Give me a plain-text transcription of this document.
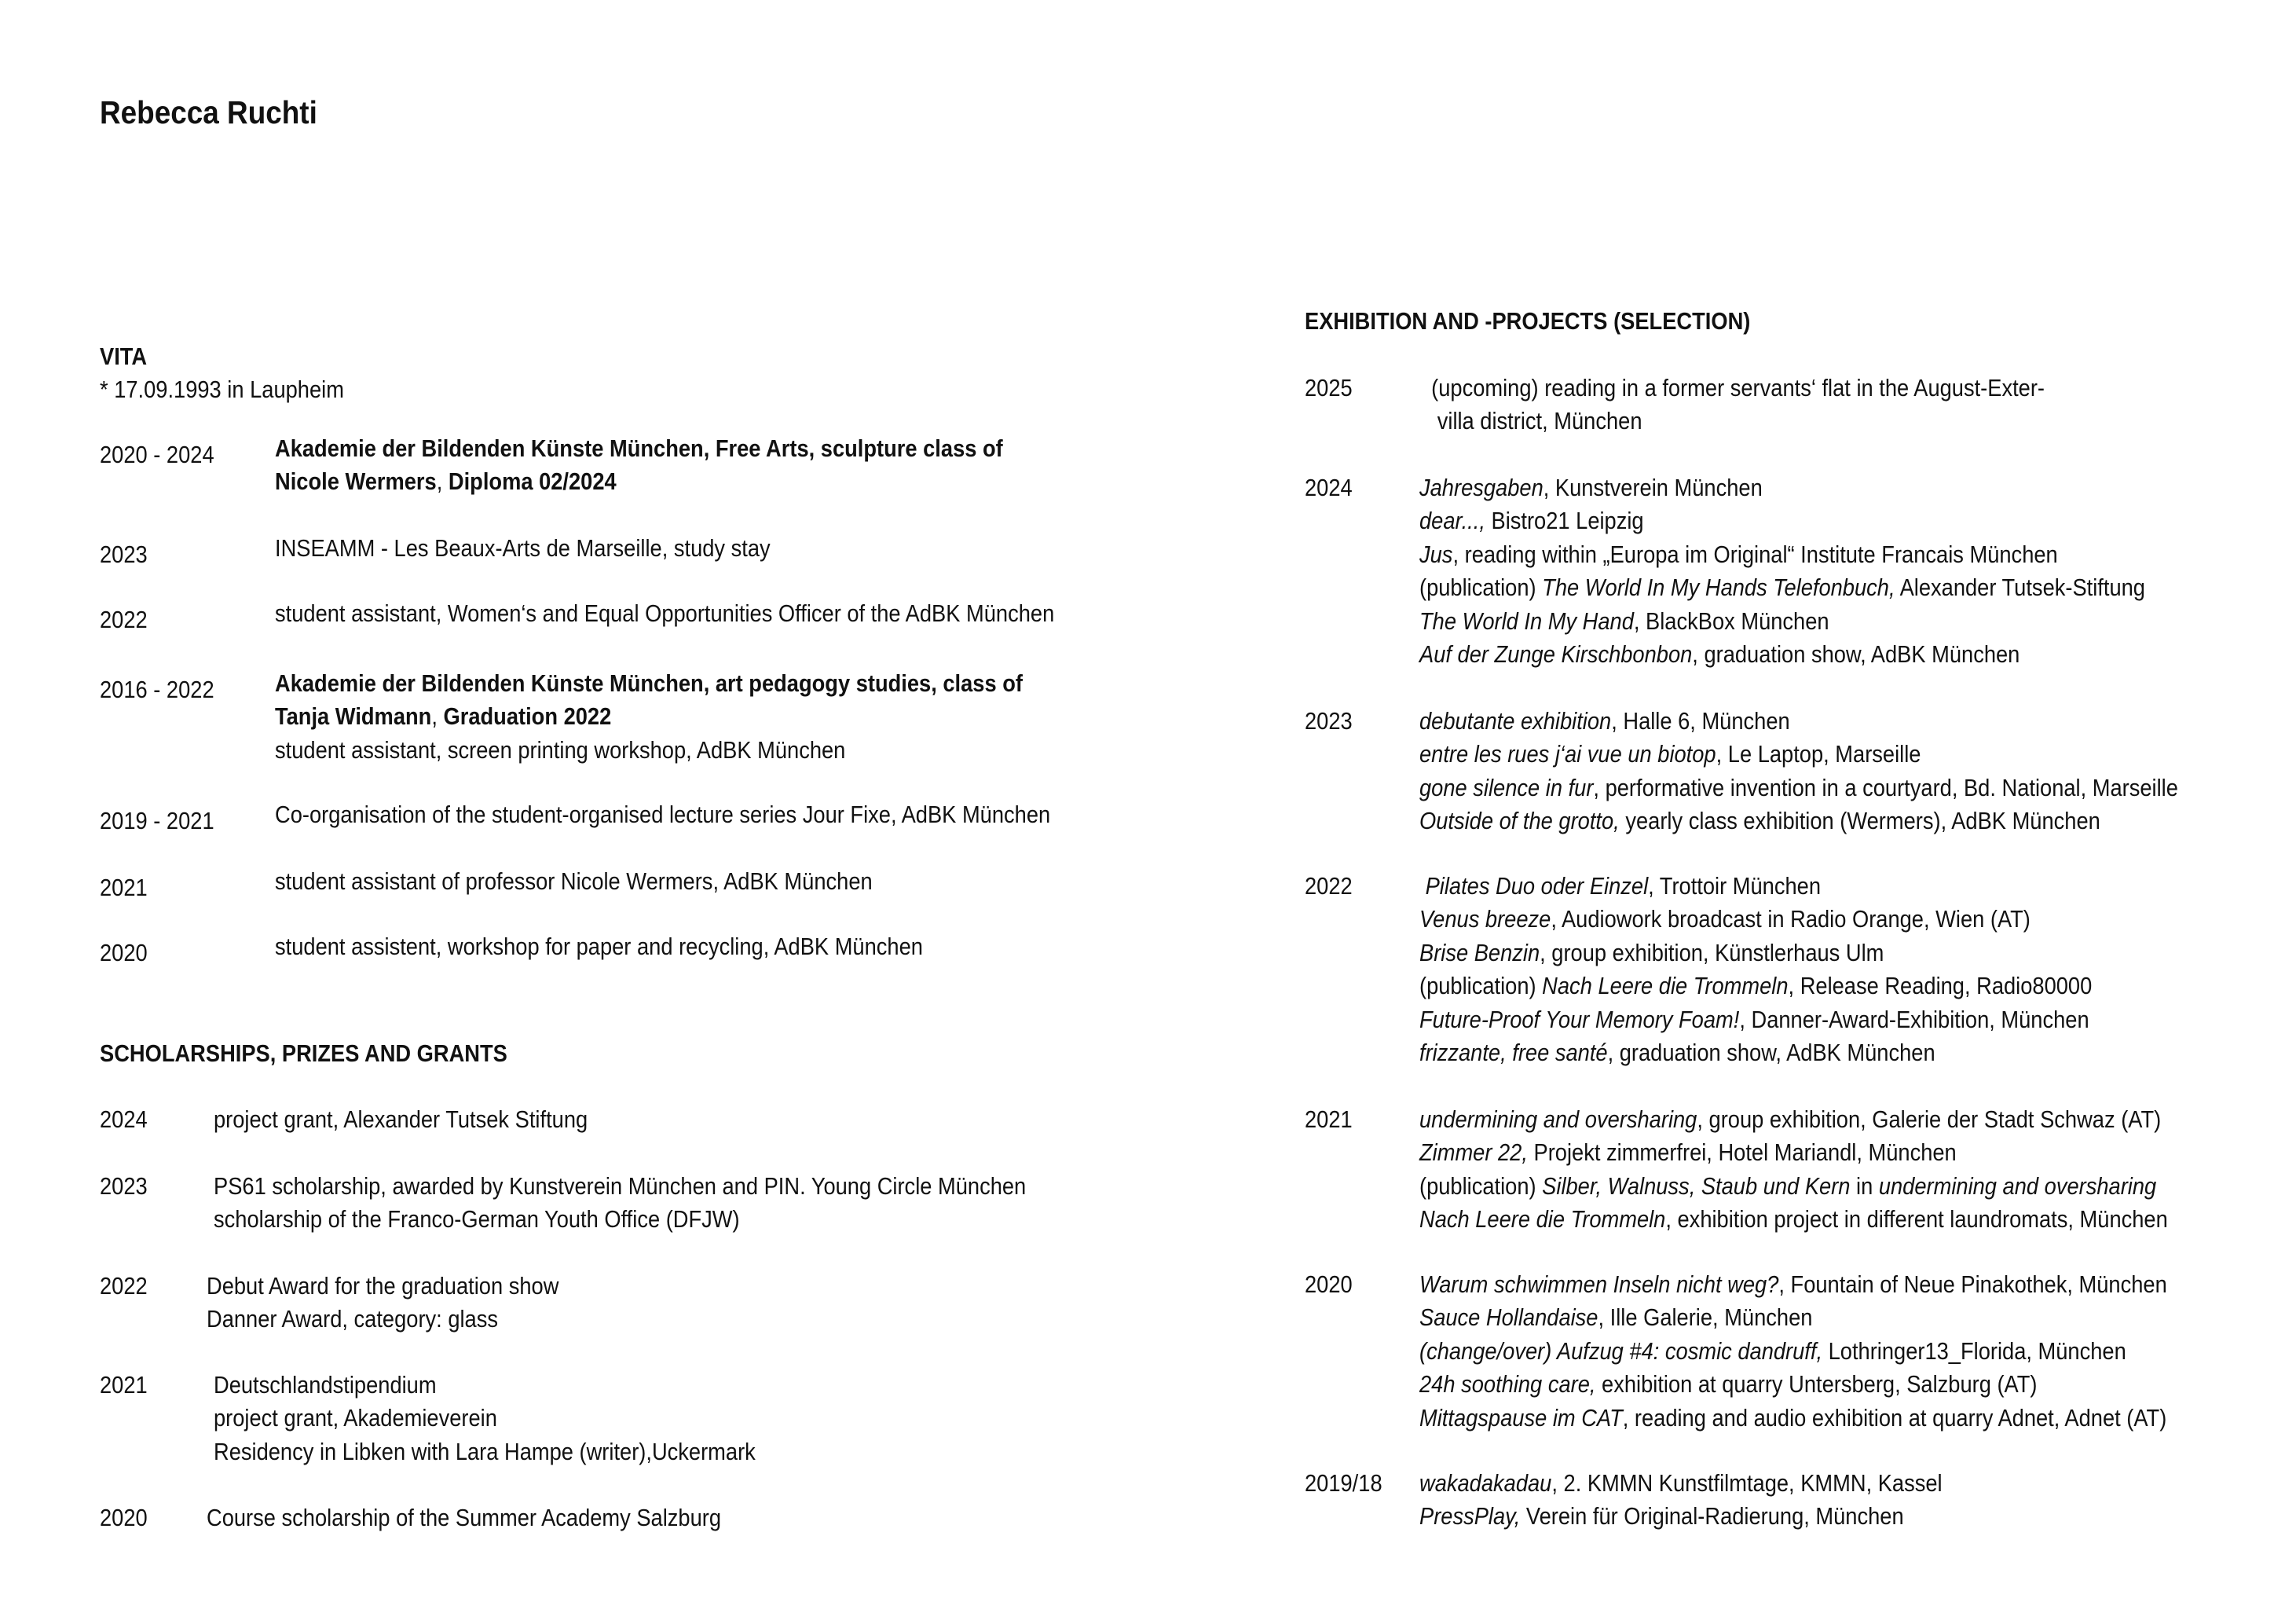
Rebecca Ruchti
VITA
* 17.09.1993 in Laupheim
2020 - 2024 Akademie der Bildenden Künste München, Free Arts, sculpture class of
Nicole Wermers, Diploma 02/2024
2023	INSEAMM - Les Beaux-Arts de Marseille, study stay
2022	student assistant, Women‘s and Equal Opportunities Officer of the AdBK München
2016 - 2022 Akademie der Bildenden Künste München, art pedagogy studies, class of
Tanja Widmann, Graduation 2022
student assistant, screen printing workshop, AdBK München
2019 - 2021 Co-organisation of the student-organised lecture series Jour Fixe, AdBK München
2021	student assistant of professor Nicole Wermers, AdBK München
2020	student assistent, workshop for paper and recycling, AdBK München
SCHOLARSHIPS, PRIZES AND GRANTS
2024	project grant, Alexander Tutsek Stiftung
2023	PS61 scholarship, awarded by Kunstverein München and PIN. Young Circle München
scholarship of the Franco-German Youth Office (DFJW)
2022 Debut Award for the graduation show
Danner Award, category: glass
2021	Deutschlandstipendium
project grant, Akademieverein
Residency in Libken with Lara Hampe (writer),Uckermark
2020 Course scholarship of the Summer Academy Salzburg
EXHIBITION AND -PROJECTS (SELECTION)
2025	(upcoming) reading in a former servants‘ flat in the August-Exter-
villa district, München
2024	Jahresgaben, Kunstverein München
dear..., Bistro21 Leipzig
Jus, reading within „Europa im Original“ Institute Francais München
(publication) The World In My Hands Telefonbuch, Alexander Tutsek-Stiftung
The World In My Hand, BlackBox München
Auf der Zunge Kirschbonbon, graduation show, AdBK München
2023	debutante exhibition, Halle 6, München
entre les rues j‘ai vue un biotop, Le Laptop, Marseille
gone silence in fur, performative invention in a courtyard, Bd. National, Marseille
Outside of the grotto, yearly class exhibition (Wermers), AdBK München
2022	Pilates Duo oder Einzel, Trottoir München
Venus breeze, Audiowork broadcast in Radio Orange, Wien (AT)
Brise Benzin, group exhibition, Künstlerhaus Ulm
(publication) Nach Leere die Trommeln, Release Reading, Radio80000
Future-Proof Your Memory Foam!, Danner-Award-Exhibition, München
frizzante, free santé, graduation show, AdBK München
2021	undermining and oversharing, group exhibition, Galerie der Stadt Schwaz (AT)
Zimmer 22, Projekt zimmerfrei, Hotel Mariandl, München
(publication) Silber, Walnuss, Staub und Kern in undermining and oversharing
Nach Leere die Trommeln, exhibition project in different laundromats, München
2020	Warum schwimmen Inseln nicht weg?, Fountain of Neue Pinakothek, München
Sauce Hollandaise, Ille Galerie, München
(change/over) Aufzug #4: cosmic dandruff, Lothringer13_Florida, München
24h soothing care, exhibition at quarry Untersberg, Salzburg (AT)
Mittagspause im CAT, reading and audio exhibition at quarry Adnet, Adnet (AT)
2019/18 wakadakadau, 2. KMMN Kunstfilmtage, KMMN, Kassel
PressPlay, Verein für Original-Radierung, München
